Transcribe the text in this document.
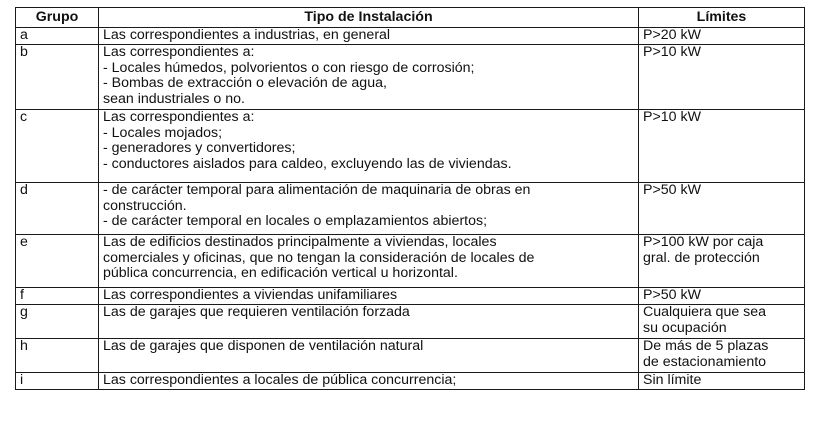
Grupo	Tipo de Instalación	Límites
a	Las correspondientes a industrias, en general	P>20 kW

b	Las correspondientes a:
- Locales húmedos, polvorientos o con riesgo de corrosión;
- Bombas de extracción o elevación de agua,
sean industriales o no.	P>10 kW

c	Las correspondientes a:
- Locales mojados;
- generadores y convertidores;
- conductores aislados para caldeo, excluyendo las de viviendas.	P>10 kW

d	- de carácter temporal para alimentación de maquinaria de obras en
construcción.
- de carácter temporal en locales o emplazamientos abiertos;	P>50 kW

e	Las de edificios destinados principalmente a viviendas, locales
comerciales y oficinas, que no tengan la consideración de locales de
pública concurrencia, en edificación vertical u horizontal.	P>100 kW por caja
gral. de protección

f	Las correspondientes a viviendas unifamiliares	P>50 kW

g	Las de garajes que requieren ventilación forzada	Cualquiera que sea
su ocupación

h	Las de garajes que disponen de ventilación natural	De más de 5 plazas
de estacionamiento

i	Las correspondientes a locales de pública concurrencia;	Sin límite
